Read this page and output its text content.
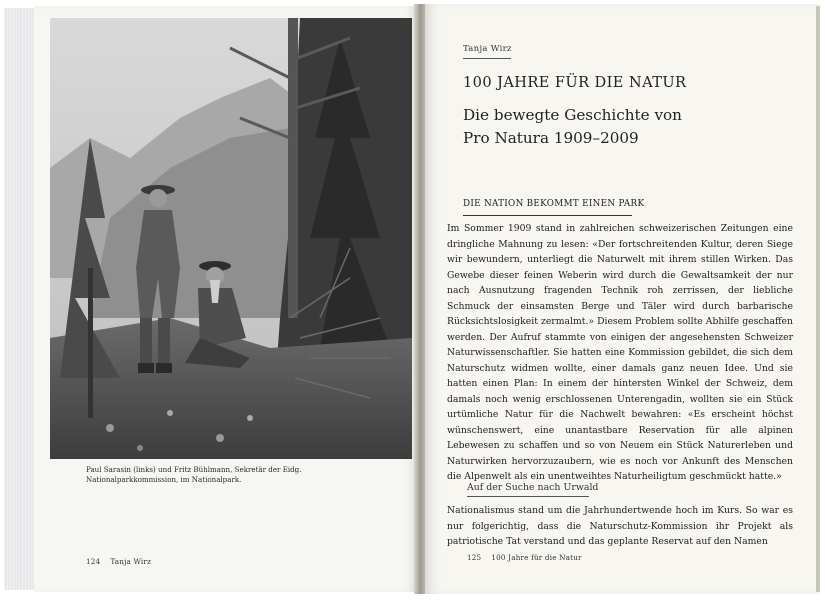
Paul Sarasin (links) und Fritz Bühlmann, Sekretär der Eidg. Nationalparkkommission, im Nationalpark.
124 Tanja Wirz
Tanja Wirz
100 JAHRE FÜR DIE NATUR
Die bewegte Geschichte von Pro Natura 1909–2009
DIE NATION BEKOMMT EINEN PARK

Im Sommer 1909 stand in zahlreichen schweizerischen Zeitungen eine dringliche Mahnung zu lesen: «Der fortschreitenden Kultur, deren Siege wir bewundern, unterliegt die Naturwelt mit ihrem stillen Wirken. Das Gewebe dieser feinen Weberin wird durch die Gewaltsamkeit der nur nach Ausnutzung fragenden Technik roh zerrissen, der liebliche Schmuck der einsamsten Berge und Täler wird durch barbarische Rücksichtslosigkeit zermalmt.» Diesem Problem sollte Abhilfe geschaffen werden. Der Aufruf stammte von einigen der angesehensten Schweizer Naturwissenschaftler. Sie hatten eine Kommission gebildet, die sich dem Naturschutz widmen wollte, einer damals ganz neuen Idee. Und sie hatten einen Plan: In einem der hintersten Winkel der Schweiz, dem damals noch wenig erschlossenen Unterengadin, wollten sie ein Stück urtümliche Natur für die Nachwelt bewahren: «Es erscheint höchst wünschenswert, eine unantastbare Reservation für alle alpinen Lebewesen zu schaffen und so von Neuem ein Stück Naturerleben und Naturwirken hervorzuzaubern, wie es noch vor Ankunft des Menschen die Alpenwelt als ein unentweihtes Naturheiligtum geschmückt hatte.»

Auf der Suche nach Urwald

Nationalismus stand um die Jahrhundertwende hoch im Kurs. So war es nur folgerichtig, dass die Naturschutz-Kommission ihr Projekt als patriotische Tat verstand und das geplante Reservat auf den Namen

125 100 Jahre für die Natur
